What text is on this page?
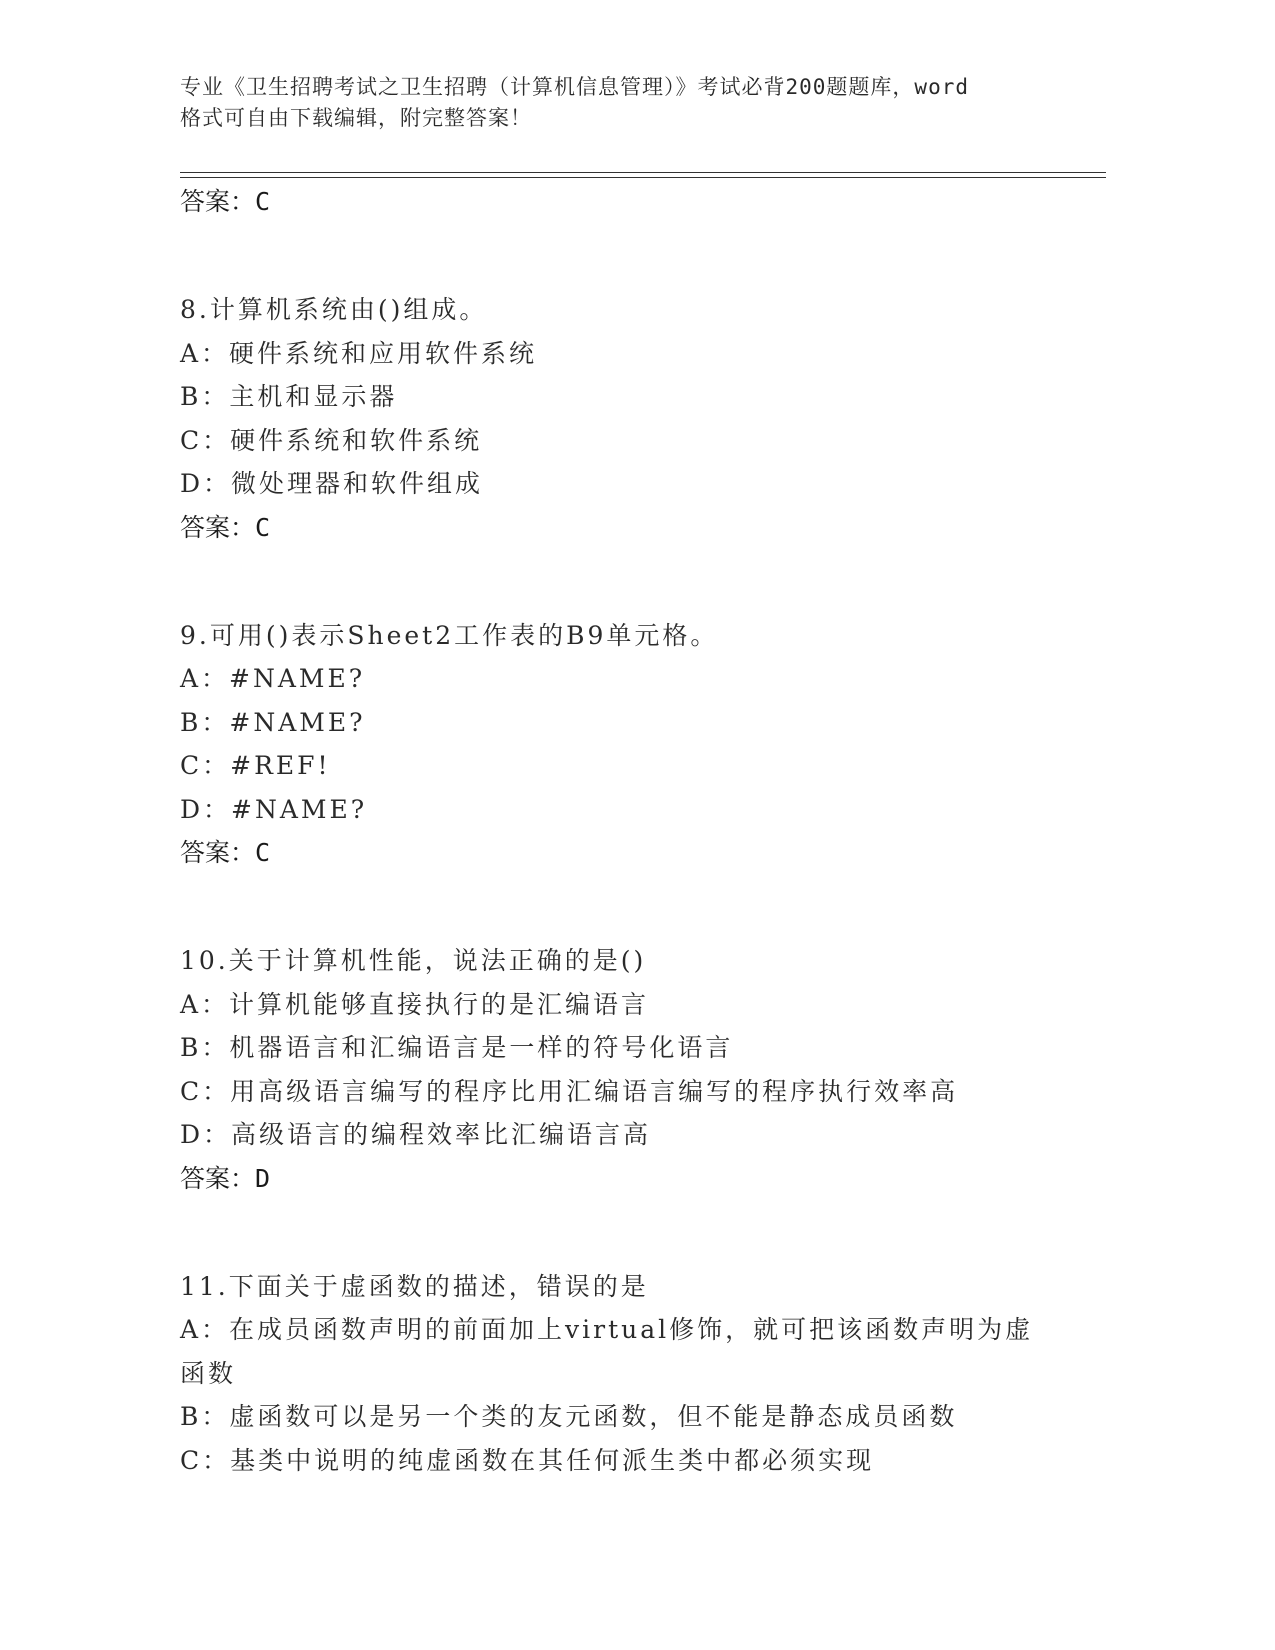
专业《卫生招聘考试之卫生招聘（计算机信息管理）》考试必背200题题库，word
格式可自由下载编辑，附完整答案！
答案：C
8.计算机系统由()组成。
A：硬件系统和应用软件系统
B：主机和显示器
C：硬件系统和软件系统
D：微处理器和软件组成
答案：C
9.可用()表示Sheet2工作表的B9单元格。
A：#NAME?
B：#NAME?
C：#REF!
D：#NAME?
答案：C
10.关于计算机性能，说法正确的是()
A：计算机能够直接执行的是汇编语言
B：机器语言和汇编语言是一样的符号化语言
C：用高级语言编写的程序比用汇编语言编写的程序执行效率高
D：高级语言的编程效率比汇编语言高
答案：D
11.下面关于虚函数的描述，错误的是
A：在成员函数声明的前面加上virtual修饰，就可把该函数声明为虚
函数
B：虚函数可以是另一个类的友元函数，但不能是静态成员函数
C：基类中说明的纯虚函数在其任何派生类中都必须实现
